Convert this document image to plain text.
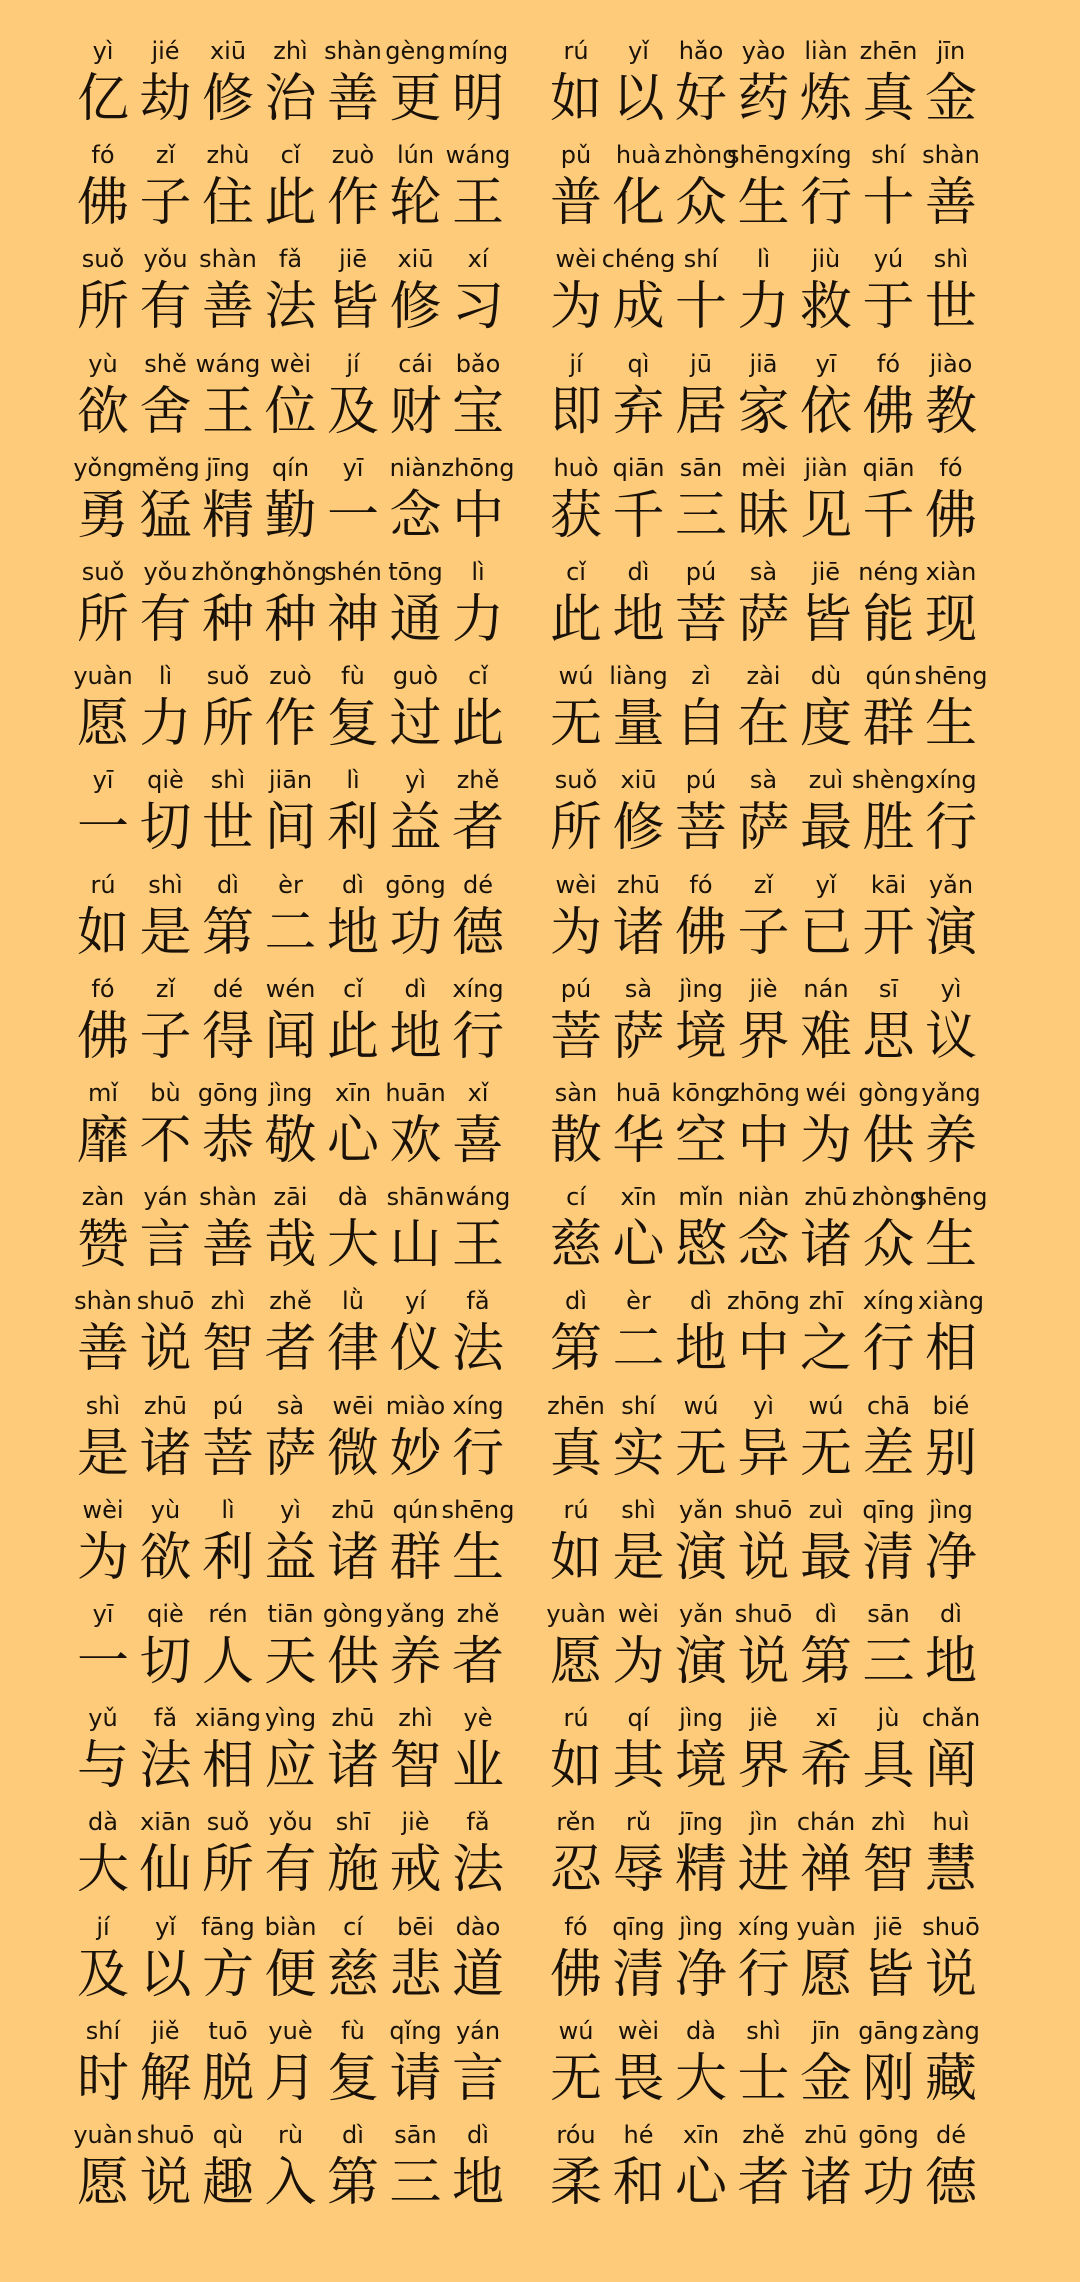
yì
亿
jié
劫
xiū
修
zhì
治
shàn
善
gèng
更
míng
明
rú
如
yǐ
以
hǎo
好
yào
药
liàn
炼
zhēn
真
jīn
金
fó
佛
zǐ
子
zhù
住
cǐ
此
zuò
作
lún
轮
wáng
王
pǔ
普
huà
化
zhòng
众
shēng
生
xíng
行
shí
十
shàn
善
suǒ
所
yǒu
有
shàn
善
fǎ
法
jiē
皆
xiū
修
xí
习
wèi
为
chéng
成
shí
十
lì
力
jiù
救
yú
于
shì
世
yù
欲
shě
舍
wáng
王
wèi
位
jí
及
cái
财
bǎo
宝
jí
即
qì
弃
jū
居
jiā
家
yī
依
fó
佛
jiào
教
yǒng
勇
měng
猛
jīng
精
qín
勤
yī
一
niàn
念
zhōng
中
huò
获
qiān
千
sān
三
mèi
昧
jiàn
见
qiān
千
fó
佛
suǒ
所
yǒu
有
zhǒng
种
zhǒng
种
shén
神
tōng
通
lì
力
cǐ
此
dì
地
pú
菩
sà
萨
jiē
皆
néng
能
xiàn
现
yuàn
愿
lì
力
suǒ
所
zuò
作
fù
复
guò
过
cǐ
此
wú
无
liàng
量
zì
自
zài
在
dù
度
qún
群
shēng
生
yī
一
qiè
切
shì
世
jiān
间
lì
利
yì
益
zhě
者
suǒ
所
xiū
修
pú
菩
sà
萨
zuì
最
shèng
胜
xíng
行
rú
如
shì
是
dì
第
èr
二
dì
地
gōng
功
dé
德
wèi
为
zhū
诸
fó
佛
zǐ
子
yǐ
已
kāi
开
yǎn
演
fó
佛
zǐ
子
dé
得
wén
闻
cǐ
此
dì
地
xíng
行
pú
菩
sà
萨
jìng
境
jiè
界
nán
难
sī
思
yì
议
mǐ
靡
bù
不
gōng
恭
jìng
敬
xīn
心
huān
欢
xǐ
喜
sàn
散
huā
华
kōng
空
zhōng
中
wéi
为
gòng
供
yǎng
养
zàn
赞
yán
言
shàn
善
zāi
哉
dà
大
shān
山
wáng
王
cí
慈
xīn
心
mǐn
愍
niàn
念
zhū
诸
zhòng
众
shēng
生
shàn
善
shuō
说
zhì
智
zhě
者
lǜ
律
yí
仪
fǎ
法
dì
第
èr
二
dì
地
zhōng
中
zhī
之
xíng
行
xiàng
相
shì
是
zhū
诸
pú
菩
sà
萨
wēi
微
miào
妙
xíng
行
zhēn
真
shí
实
wú
无
yì
异
wú
无
chā
差
bié
别
wèi
为
yù
欲
lì
利
yì
益
zhū
诸
qún
群
shēng
生
rú
如
shì
是
yǎn
演
shuō
说
zuì
最
qīng
清
jìng
净
yī
一
qiè
切
rén
人
tiān
天
gòng
供
yǎng
养
zhě
者
yuàn
愿
wèi
为
yǎn
演
shuō
说
dì
第
sān
三
dì
地
yǔ
与
fǎ
法
xiāng
相
yìng
应
zhū
诸
zhì
智
yè
业
rú
如
qí
其
jìng
境
jiè
界
xī
希
jù
具
chǎn
阐
dà
大
xiān
仙
suǒ
所
yǒu
有
shī
施
jiè
戒
fǎ
法
rěn
忍
rǔ
辱
jīng
精
jìn
进
chán
禅
zhì
智
huì
慧
jí
及
yǐ
以
fāng
方
biàn
便
cí
慈
bēi
悲
dào
道
fó
佛
qīng
清
jìng
净
xíng
行
yuàn
愿
jiē
皆
shuō
说
shí
时
jiě
解
tuō
脱
yuè
月
fù
复
qǐng
请
yán
言
wú
无
wèi
畏
dà
大
shì
士
jīn
金
gāng
刚
zàng
藏
yuàn
愿
shuō
说
qù
趣
rù
入
dì
第
sān
三
dì
地
róu
柔
hé
和
xīn
心
zhě
者
zhū
诸
gōng
功
dé
德
